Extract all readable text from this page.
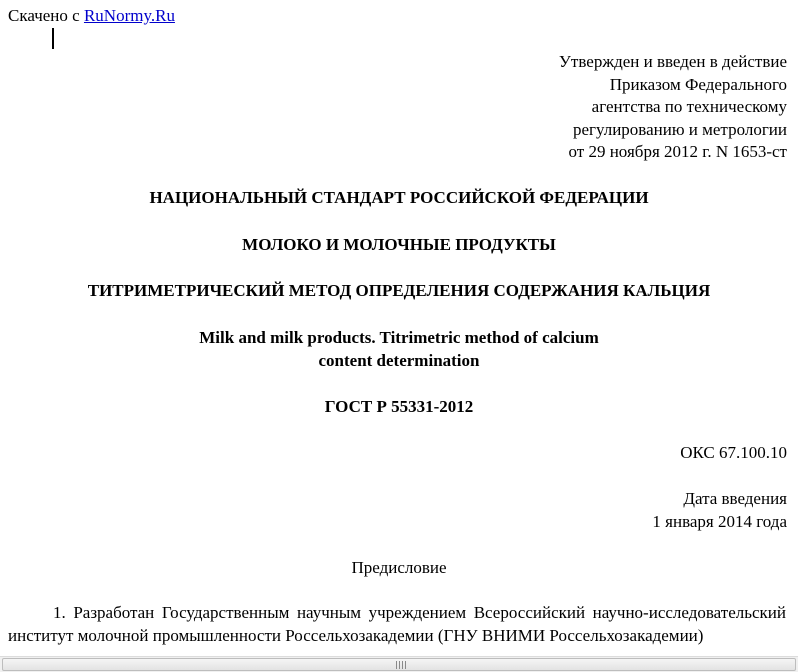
Скачено с RuNormy.Ru
Утвержден и введен в действие
Приказом Федерального
агентства по техническому
регулированию и метрологии
от 29 ноября 2012 г. N 1653-ст
НАЦИОНАЛЬНЫЙ СТАНДАРТ РОССИЙСКОЙ ФЕДЕРАЦИИ
МОЛОКО И МОЛОЧНЫЕ ПРОДУКТЫ
ТИТРИМЕТРИЧЕСКИЙ МЕТОД ОПРЕДЕЛЕНИЯ СОДЕРЖАНИЯ КАЛЬЦИЯ
Milk and milk products. Titrimetric method of calcium
content determination
ГОСТ Р 55331-2012
ОКС 67.100.10
Дата введения
1 января 2014 года
Предисловие
1. Разработан Государственным научным учреждением Всероссийский научно-исследовательский институт молочной промышленности Россельхозакадемии (ГНУ ВНИМИ Россельхозакадемии)
